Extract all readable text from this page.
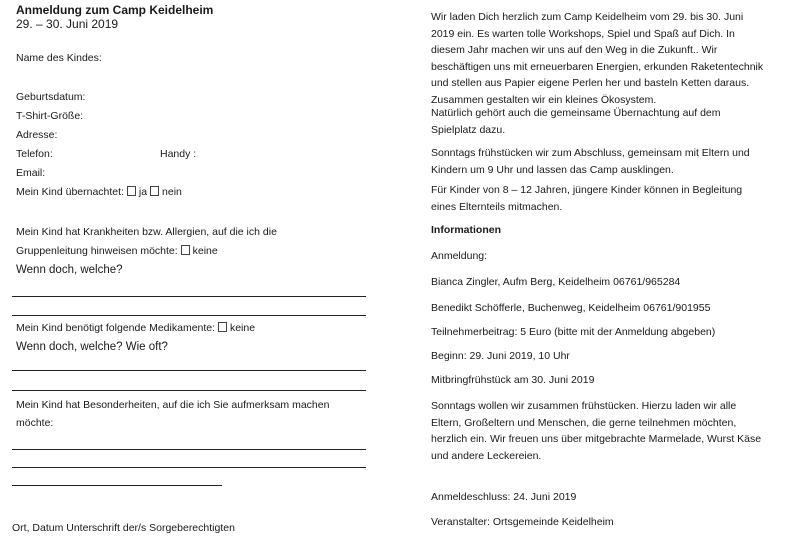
Anmeldung zum Camp Keidelheim
29. – 30. Juni 2019
Name des Kindes:
Geburtsdatum:
T-Shirt-Größe:
Adresse:
Telefon:	Handy :
Email:
Mein Kind übernachtet: ja nein
Mein Kind hat Krankheiten bzw. Allergien, auf die ich die
Gruppenleitung hinweisen möchte: keine
Wenn doch, welche?
Mein Kind benötigt folgende Medikamente: keine
Wenn doch, welche? Wie oft?
Mein Kind hat Besonderheiten, auf die ich Sie aufmerksam machen
möchte:
Ort, Datum Unterschrift der/s Sorgeberechtigten
Wir laden Dich herzlich zum Camp Keidelheim vom 29. bis 30. Juni
2019 ein. Es warten tolle Workshops, Spiel und Spaß auf Dich. In
diesem Jahr machen wir uns auf den Weg in die Zukunft.. Wir
beschäftigen uns mit erneuerbaren Energien, erkunden Raketentechnik
und stellen aus Papier eigene Perlen her und basteln Ketten daraus.
Zusammen gestalten wir ein kleines Ökosystem.
Natürlich gehört auch die gemeinsame Übernachtung auf dem
Spielplatz dazu.
Sonntags frühstücken wir zum Abschluss, gemeinsam mit Eltern und
Kindern um 9 Uhr und lassen das Camp ausklingen.
Für Kinder von 8 – 12 Jahren, jüngere Kinder können in Begleitung
eines Elternteils mitmachen.
Informationen
Anmeldung:
Bianca Zingler, Aufm Berg, Keidelheim 06761/965284
Benedikt Schöfferle, Buchenweg, Keidelheim 06761/901955
Teilnehmerbeitrag: 5 Euro (bitte mit der Anmeldung abgeben)
Beginn: 29. Juni 2019, 10 Uhr
Mitbringfrühstück am 30. Juni 2019
Sonntags wollen wir zusammen frühstücken. Hierzu laden wir alle
Eltern, Großeltern und Menschen, die gerne teilnehmen möchten,
herzlich ein. Wir freuen uns über mitgebrachte Marmelade, Wurst Käse
und andere Leckereien.
Anmeldeschluss: 24. Juni 2019
Veranstalter: Ortsgemeinde Keidelheim
